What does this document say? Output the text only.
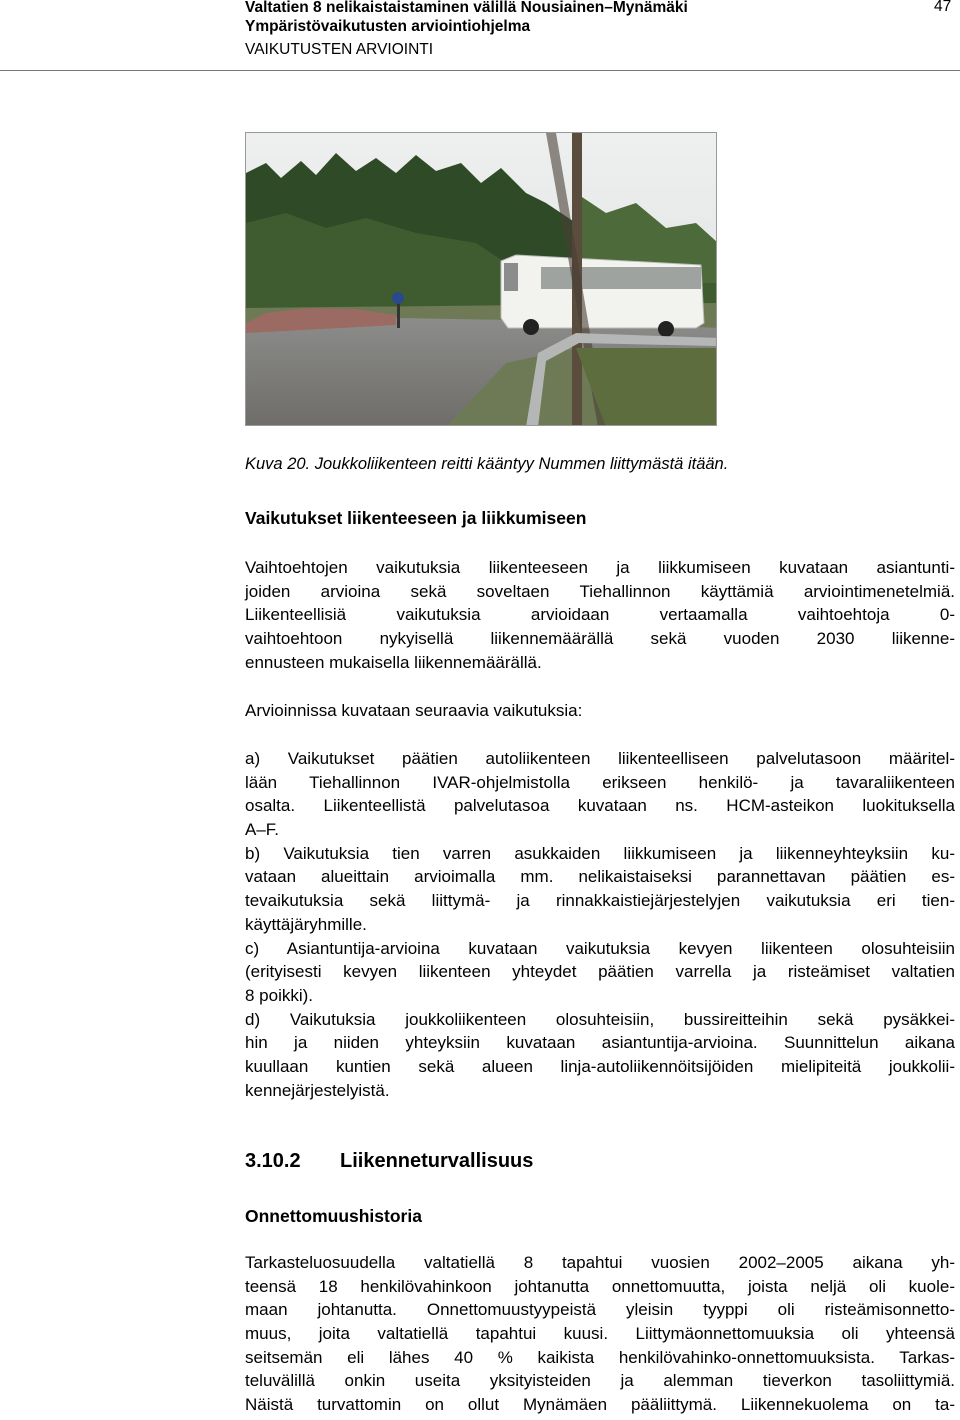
Valtatien 8 nelikaistaistaminen välillä Nousiainen–Mynämäki
Ympäristövaikutusten arviointiohjelma
VAIKUTUSTEN ARVIOINTI
47
Kuva 20. Joukkoliikenteen reitti kääntyy Nummen liittymästä itään.
Vaikutukset liikenteeseen ja liikkumiseen
Vaihtoehtojen vaikutuksia liikenteeseen ja liikkumiseen kuvataan asiantunti-
joiden arvioina sekä soveltaen Tiehallinnon käyttämiä arviointimenetelmiä.
Liikenteellisiä vaikutuksia arvioidaan vertaamalla vaihtoehtoja 0-
vaihtoehtoon nykyisellä liikennemäärällä sekä vuoden 2030 liikenne-
ennusteen mukaisella liikennemäärällä.
Arvioinnissa kuvataan seuraavia vaikutuksia:
a) Vaikutukset päätien autoliikenteen liikenteelliseen palvelutasoon määritel-
lään Tiehallinnon IVAR-ohjelmistolla erikseen henkilö- ja tavaraliikenteen
osalta. Liikenteellistä palvelutasoa kuvataan ns. HCM-asteikon luokituksella
A–F.
b) Vaikutuksia tien varren asukkaiden liikkumiseen ja liikenneyhteyksiin ku-
vataan alueittain arvioimalla mm. nelikaistaiseksi parannettavan päätien es-
tevaikutuksia sekä liittymä- ja rinnakkaistiejärjestelyjen vaikutuksia eri tien-
käyttäjäryhmille.
c) Asiantuntija-arvioina kuvataan vaikutuksia kevyen liikenteen olosuhteisiin
(erityisesti kevyen liikenteen yhteydet päätien varrella ja risteämiset valtatien
8 poikki).
d) Vaikutuksia joukkoliikenteen olosuhteisiin, bussireitteihin sekä pysäkkei-
hin ja niiden yhteyksiin kuvataan asiantuntija-arvioina. Suunnittelun aikana
kuullaan kuntien sekä alueen linja-autoliikennöitsijöiden mielipiteitä joukkolii-
kennejärjestelyistä.
3.10.2 Liikenneturvallisuus
Onnettomuushistoria
Tarkasteluosuudella valtatiellä 8 tapahtui vuosien 2002–2005 aikana yh-
teensä 18 henkilövahinkoon johtanutta onnettomuutta, joista neljä oli kuole-
maan johtanutta. Onnettomuustyypeistä yleisin tyyppi oli risteämisonnetto-
muus, joita valtatiellä tapahtui kuusi. Liittymäonnettomuuksia oli yhteensä
seitsemän eli lähes 40 % kaikista henkilövahinko-onnettomuuksista. Tarkas-
teluvälillä onkin useita yksityisteiden ja alemman tieverkon tasoliittymiä.
Näistä turvattomin on ollut Mynämäen pääliittymä. Liikennekuolema on ta-
